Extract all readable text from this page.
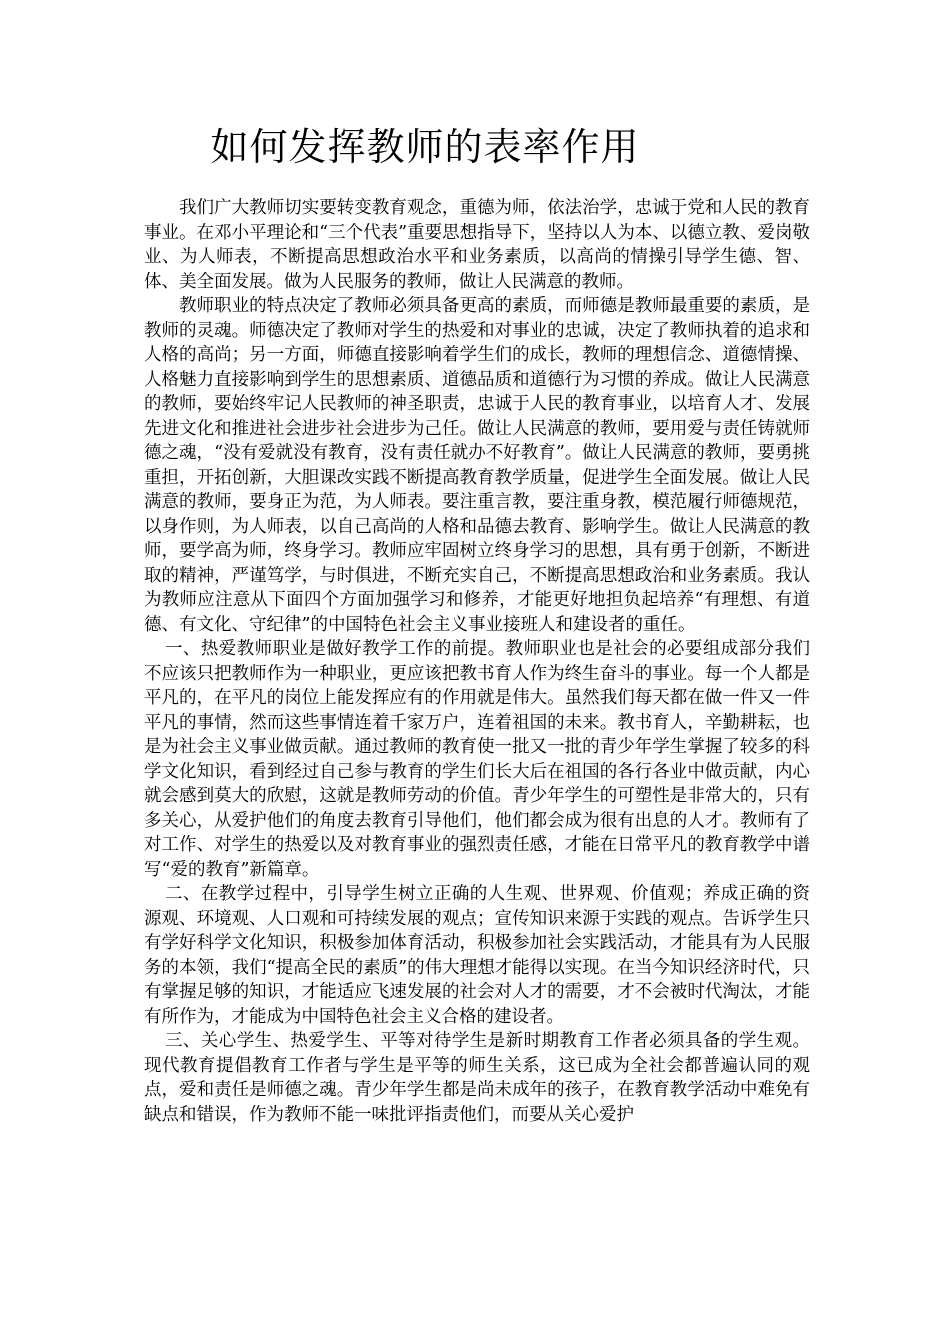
如何发挥教师的表率作用

我们广大教师切实要转变教育观念，重德为师，依法治学，忠诚于党和人民的教育事业。在邓小平理论和“三个代表”重要思想指导下，坚持以人为本、以德立教、爱岗敬业、为人师表，不断提高思想政治水平和业务素质，以高尚的情操引导学生德、智、体、美全面发展。做为人民服务的教师，做让人民满意的教师。

教师职业的特点决定了教师必须具备更高的素质，而师德是教师最重要的素质，是教师的灵魂。师德决定了教师对学生的热爱和对事业的忠诚，决定了教师执着的追求和人格的高尚；另一方面，师德直接影响着学生们的成长，教师的理想信念、道德情操、人格魅力直接影响到学生的思想素质、道德品质和道德行为习惯的养成。做让人民满意的教师，要始终牢记人民教师的神圣职责，忠诚于人民的教育事业，以培育人才、发展先进文化和推进社会进步社会进步为己任。做让人民满意的教师，要用爱与责任铸就师德之魂，“没有爱就没有教育，没有责任就办不好教育”。做让人民满意的教师，要勇挑重担，开拓创新，大胆课改实践不断提高教育教学质量，促进学生全面发展。做让人民满意的教师，要身正为范，为人师表。要注重言教，要注重身教，模范履行师德规范，以身作则，为人师表，以自己高尚的人格和品德去教育、影响学生。做让人民满意的教师，要学高为师，终身学习。教师应牢固树立终身学习的思想，具有勇于创新，不断进取的精神，严谨笃学，与时俱进，不断充实自己，不断提高思想政治和业务素质。我认为教师应注意从下面四个方面加强学习和修养，才能更好地担负起培养“有理想、有道德、有文化、守纪律”的中国特色社会主义事业接班人和建设者的重任。

一、热爱教师职业是做好教学工作的前提。教师职业也是社会的必要组成部分我们不应该只把教师作为一种职业，更应该把教书育人作为终生奋斗的事业。每一个人都是平凡的，在平凡的岗位上能发挥应有的作用就是伟大。虽然我们每天都在做一件又一件平凡的事情，然而这些事情连着千家万户，连着祖国的未来。教书育人，辛勤耕耘，也是为社会主义事业做贡献。通过教师的教育使一批又一批的青少年学生掌握了较多的科学文化知识，看到经过自己参与教育的学生们长大后在祖国的各行各业中做贡献，内心就会感到莫大的欣慰，这就是教师劳动的价值。青少年学生的可塑性是非常大的，只有多关心，从爱护他们的角度去教育引导他们，他们都会成为很有出息的人才。教师有了对工作、对学生的热爱以及对教育事业的强烈责任感，才能在日常平凡的教育教学中谱写“爱的教育”新篇章。

二、在教学过程中，引导学生树立正确的人生观、世界观、价值观；养成正确的资源观、环境观、人口观和可持续发展的观点；宣传知识来源于实践的观点。告诉学生只有学好科学文化知识，积极参加体育活动，积极参加社会实践活动，才能具有为人民服务的本领，我们“提高全民的素质”的伟大理想才能得以实现。在当今知识经济时代，只有掌握足够的知识，才能适应飞速发展的社会对人才的需要，才不会被时代淘汰，才能有所作为，才能成为中国特色社会主义合格的建设者。

三、关心学生、热爱学生、平等对待学生是新时期教育工作者必须具备的学生观。现代教育提倡教育工作者与学生是平等的师生关系，这已成为全社会都普遍认同的观点，爱和责任是师德之魂。青少年学生都是尚未成年的孩子，在教育教学活动中难免有缺点和错误，作为教师不能一味批评指责他们，而要从关心爱护
